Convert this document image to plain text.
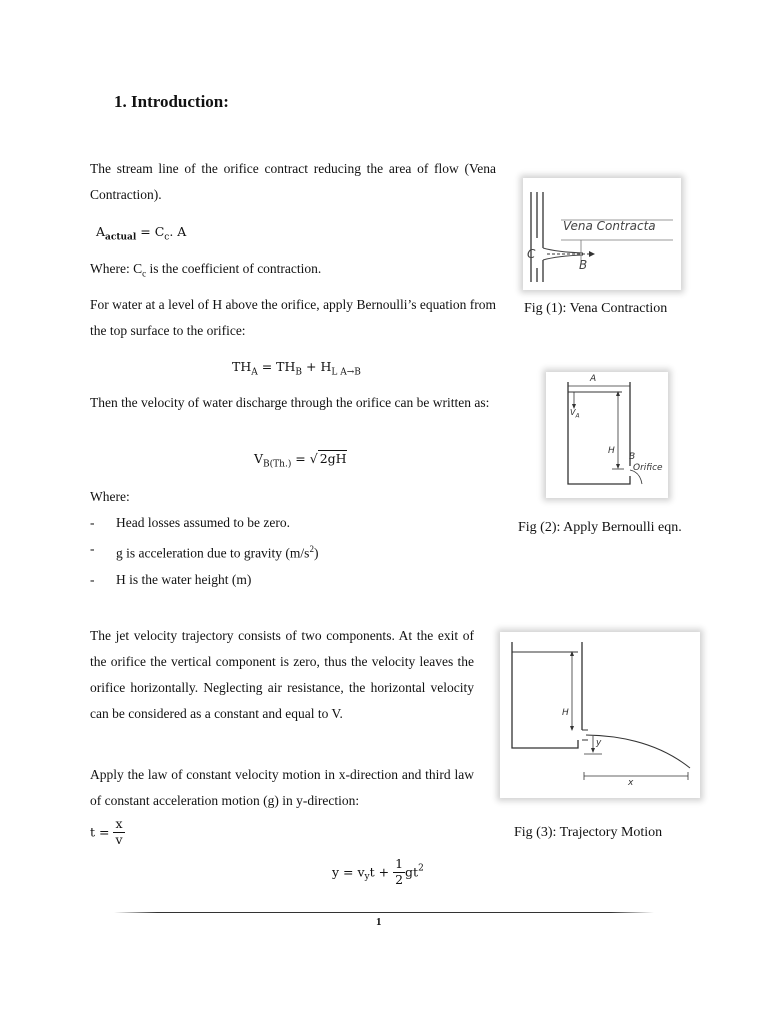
1. Introduction:
The stream line of the orifice contract reducing the area of flow (Vena Contraction).
$A_{actual} = C_c$. A
Where: $C_c$ is the coefficient of contraction.
For water at a level of H above the orifice, apply Bernoulli’s equation from the top surface to the orifice:
$TH_A = TH_B + H_{L A\to B}$
Then the velocity of water discharge through the orifice can be written as:
$V_{B(Th.)}$ = √ 2gH
Where:
- Head losses assumed to be zero.
- g is acceleration due to gravity $(m/s^2)$
- H is the water height (m)
The jet velocity trajectory consists of two components. At the exit of the orifice the vertical component is zero, thus the velocity leaves the orifice horizontally. Neglecting air resistance, the horizontal velocity can be considered as a constant and equal to V.
Apply the law of constant velocity motion in x-direction and third law of constant acceleration motion (g) in y-direction:
$t = \frac{x}{v}$
$y = v_yt + \frac{1}{2} gt^2$
Vena Contracta
C
B
Fig (1): Vena Contraction
A
$V_A$
H
B
Orifice
Fig (2): Apply Bernoulli eqn.
H
y
x
Fig (3): Trajectory Motion
1
